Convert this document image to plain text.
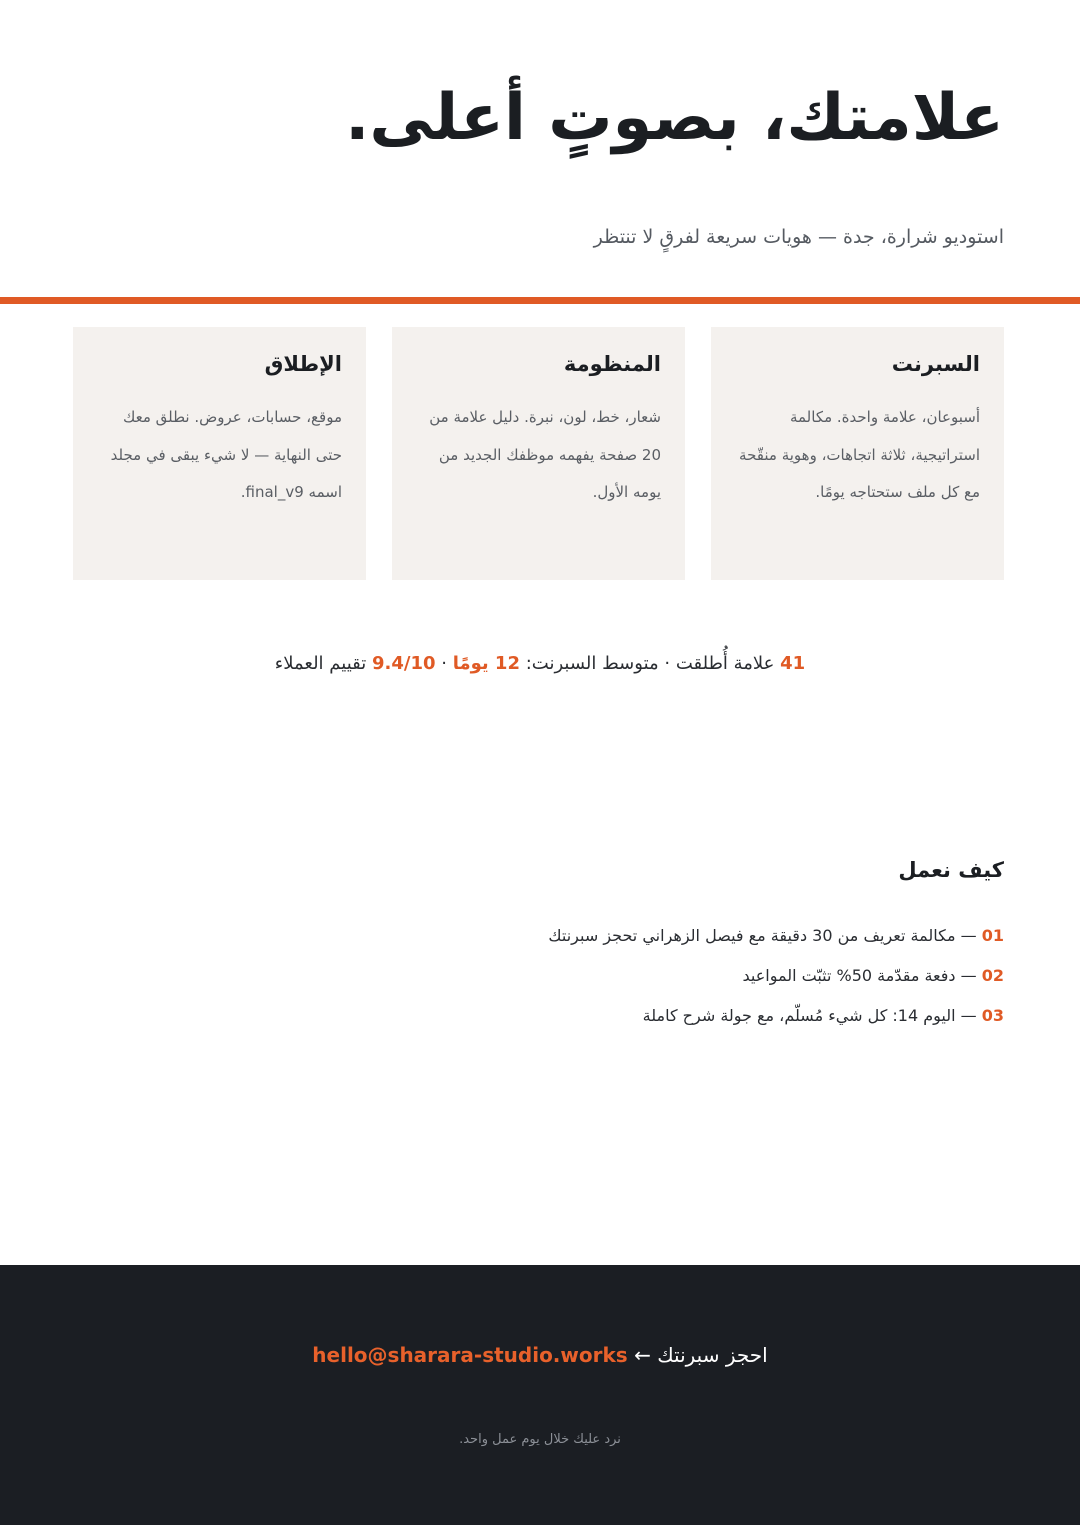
علامتك، بصوتٍ أعلى.

استوديو شرارة، جدة — هويات سريعة لفرقٍ لا تنتظر

السبرنت

أسبوعان، علامة واحدة. مكالمة استراتيجية، ثلاثة اتجاهات، وهوية منقّحة مع كل ملف ستحتاجه يومًا.

المنظومة

شعار، خط، لون، نبرة. دليل علامة من 20 صفحة يفهمه موظفك الجديد من يومه الأول.

الإطلاق

موقع، حسابات، عروض. نطلق معك حتى النهاية — لا شيء يبقى في مجلد اسمه final_v9.

41 علامة أُطلقت · متوسط السبرنت: 12 يومًا · 9.4/10 تقييم العملاء

كيف نعمل
01 — مكالمة تعريف من 30 دقيقة مع فيصل الزهراني تحجز سبرنتك
02 — دفعة مقدّمة 50% تثبّت المواعيد
03 — اليوم 14: كل شيء مُسلّم، مع جولة شرح كاملة

احجز سبرنتك ← hello@sharara-studio.works

نرد عليك خلال يوم عمل واحد.
